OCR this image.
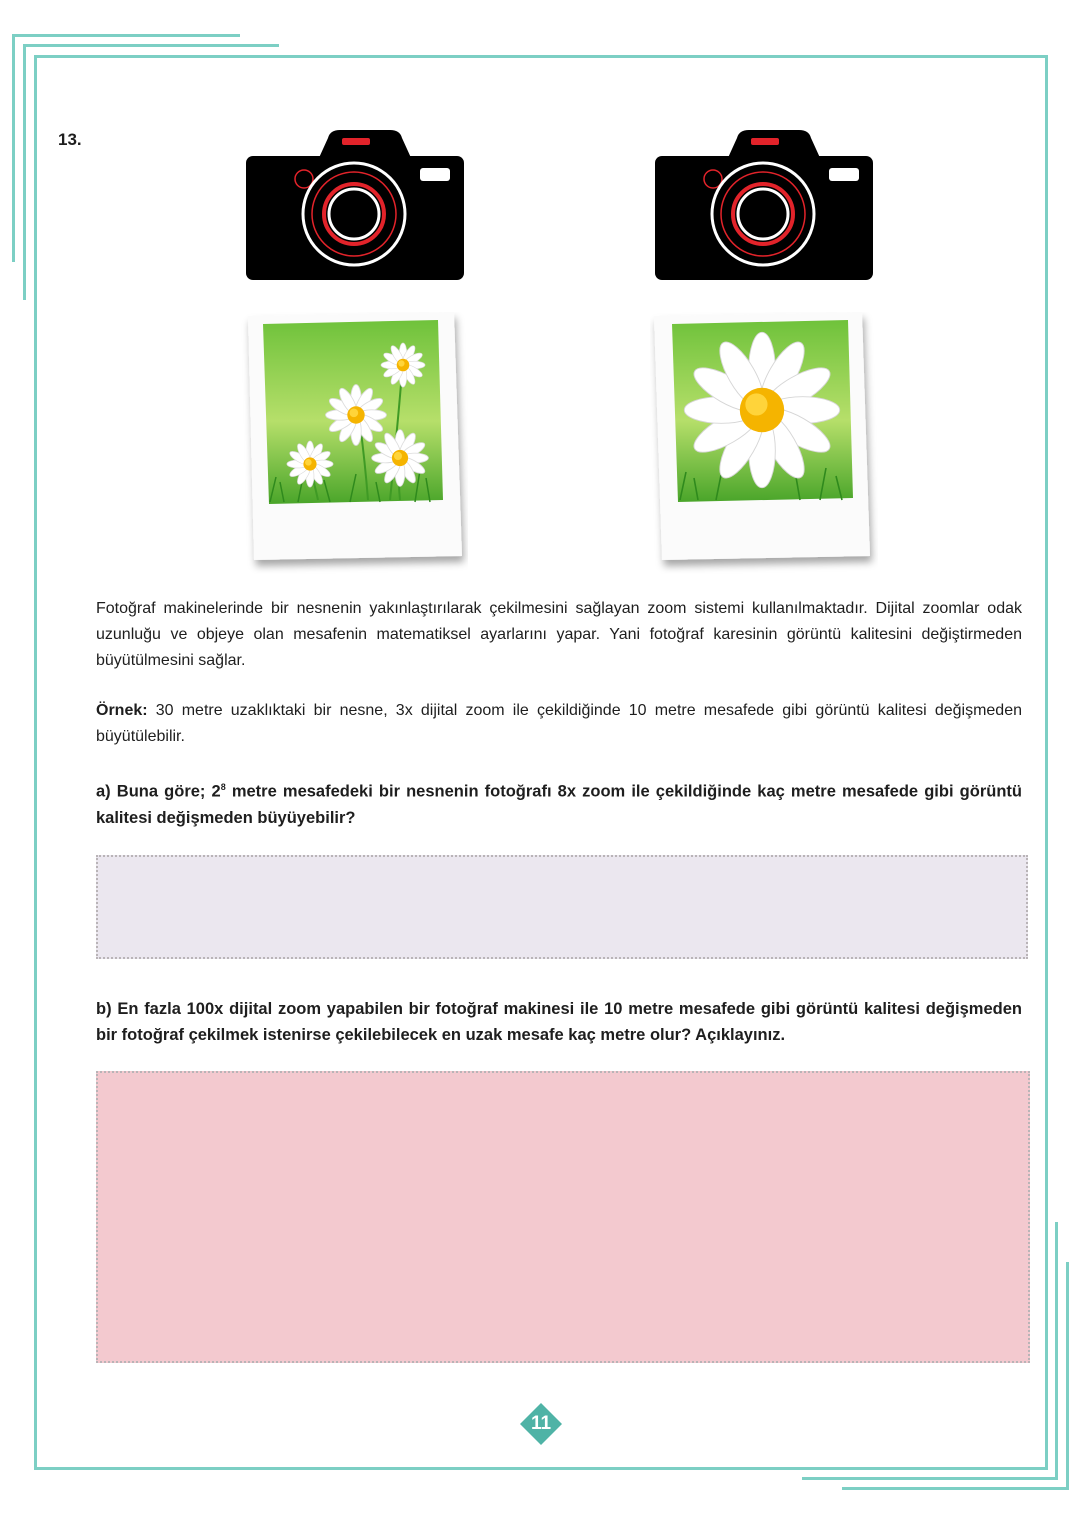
13.
Fotoğraf makinelerinde bir nesnenin yakınlaştırılarak çekilmesini sağlayan zoom sistemi kullanılmaktadır. Dijital zoomlar odak uzunluğu ve objeye olan mesafenin matematiksel ayarlarını yapar. Yani fotoğraf karesinin görüntü kalitesini değiştirmeden büyütülmesini sağlar.
Örnek: 30 metre uzaklıktaki bir nesne, 3x dijital zoom ile çekildiğinde 10 metre mesafede gibi görüntü kalitesi değişmeden büyütülebilir.
a) Buna göre; $2^8$ metre mesafedeki bir nesnenin fotoğrafı 8x zoom ile çekildiğinde kaç metre mesafede gibi görüntü kalitesi değişmeden büyüyebilir?
b) En fazla 100x dijital zoom yapabilen bir fotoğraf makinesi ile 10 metre mesafede gibi görüntü kalitesi değişmeden bir fotoğraf çekilmek istenirse çekilebilecek en uzak mesafe kaç metre olur? Açıklayınız.
11
